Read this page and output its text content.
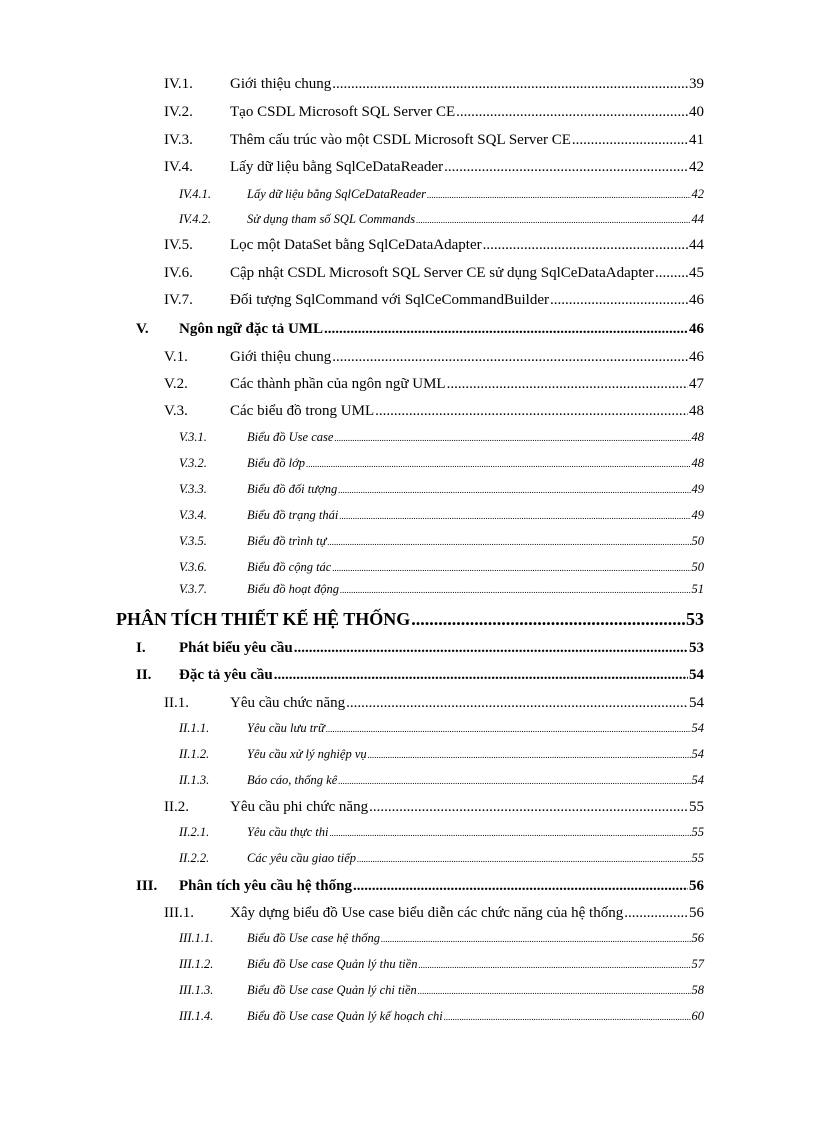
IV.1.	Giới thiệu chung .....	39
IV.2.	Tạo CSDL Microsoft SQL Server CE .....	40
IV.3.	Thêm cấu trúc vào một CSDL Microsoft SQL Server CE .....	41
IV.4.	Lấy dữ liệu bằng SqlCeDataReader .....	42
IV.4.1.	Lấy dữ liệu bằng SqlCeDataReader .....	42
IV.4.2.	Sử dụng tham số SQL Commands .....	44
IV.5.	Lọc một DataSet bằng SqlCeDataAdapter .....	44
IV.6.	Cập nhật CSDL Microsoft SQL Server CE sử dụng SqlCeDataAdapter ..... 45
IV.7.	Đối tượng SqlCommand với SqlCeCommandBuilder .....	46
V.	Ngôn ngữ đặc tả UML .....	46
V.1.	Giới thiệu chung .....	46
V.2.	Các thành phần của ngôn ngữ UML .....	47
V.3.	Các biểu đồ trong UML .....	48
V.3.1.	Biểu đồ Use case .....	48
V.3.2.	Biểu đồ lớp .....	48
V.3.3.	Biểu đồ đối tượng .....	49
V.3.4.	Biểu đồ trạng thái .....	49
V.3.5.	Biểu đồ trình tự .....	50
V.3.6.	Biểu đồ cộng tác .....	50
V.3.7.	Biểu đồ hoạt động .....	51
PHÂN TÍCH THIẾT KẾ HỆ THỐNG .....	53
I.	Phát biểu yêu cầu .....	53
II.	Đặc tả yêu cầu .....	54
II.1.	Yêu cầu chức năng .....	54
II.1.1.	Yêu cầu lưu trữ .....	54
II.1.2.	Yêu cầu xử lý nghiệp vụ .....	54
II.1.3.	Báo cáo, thống kê .....	54
II.2.	Yêu cầu phi chức năng .....	55
II.2.1.	Yêu cầu thực thi .....	55
II.2.2.	Các yêu cầu giao tiếp .....	55
III.	Phân tích yêu cầu hệ thống .....	56
III.1.	Xây dựng biểu đồ Use case biểu diễn các chức năng của hệ thống .....	56
III.1.1.	Biểu đồ Use case hệ thống .....	56
III.1.2.	Biểu đồ Use case Quản lý thu tiền .....	57
III.1.3.	Biểu đồ Use case Quản lý chi tiền .....	58
III.1.4.	Biểu đồ Use case Quản lý kế hoạch chi .....	60
